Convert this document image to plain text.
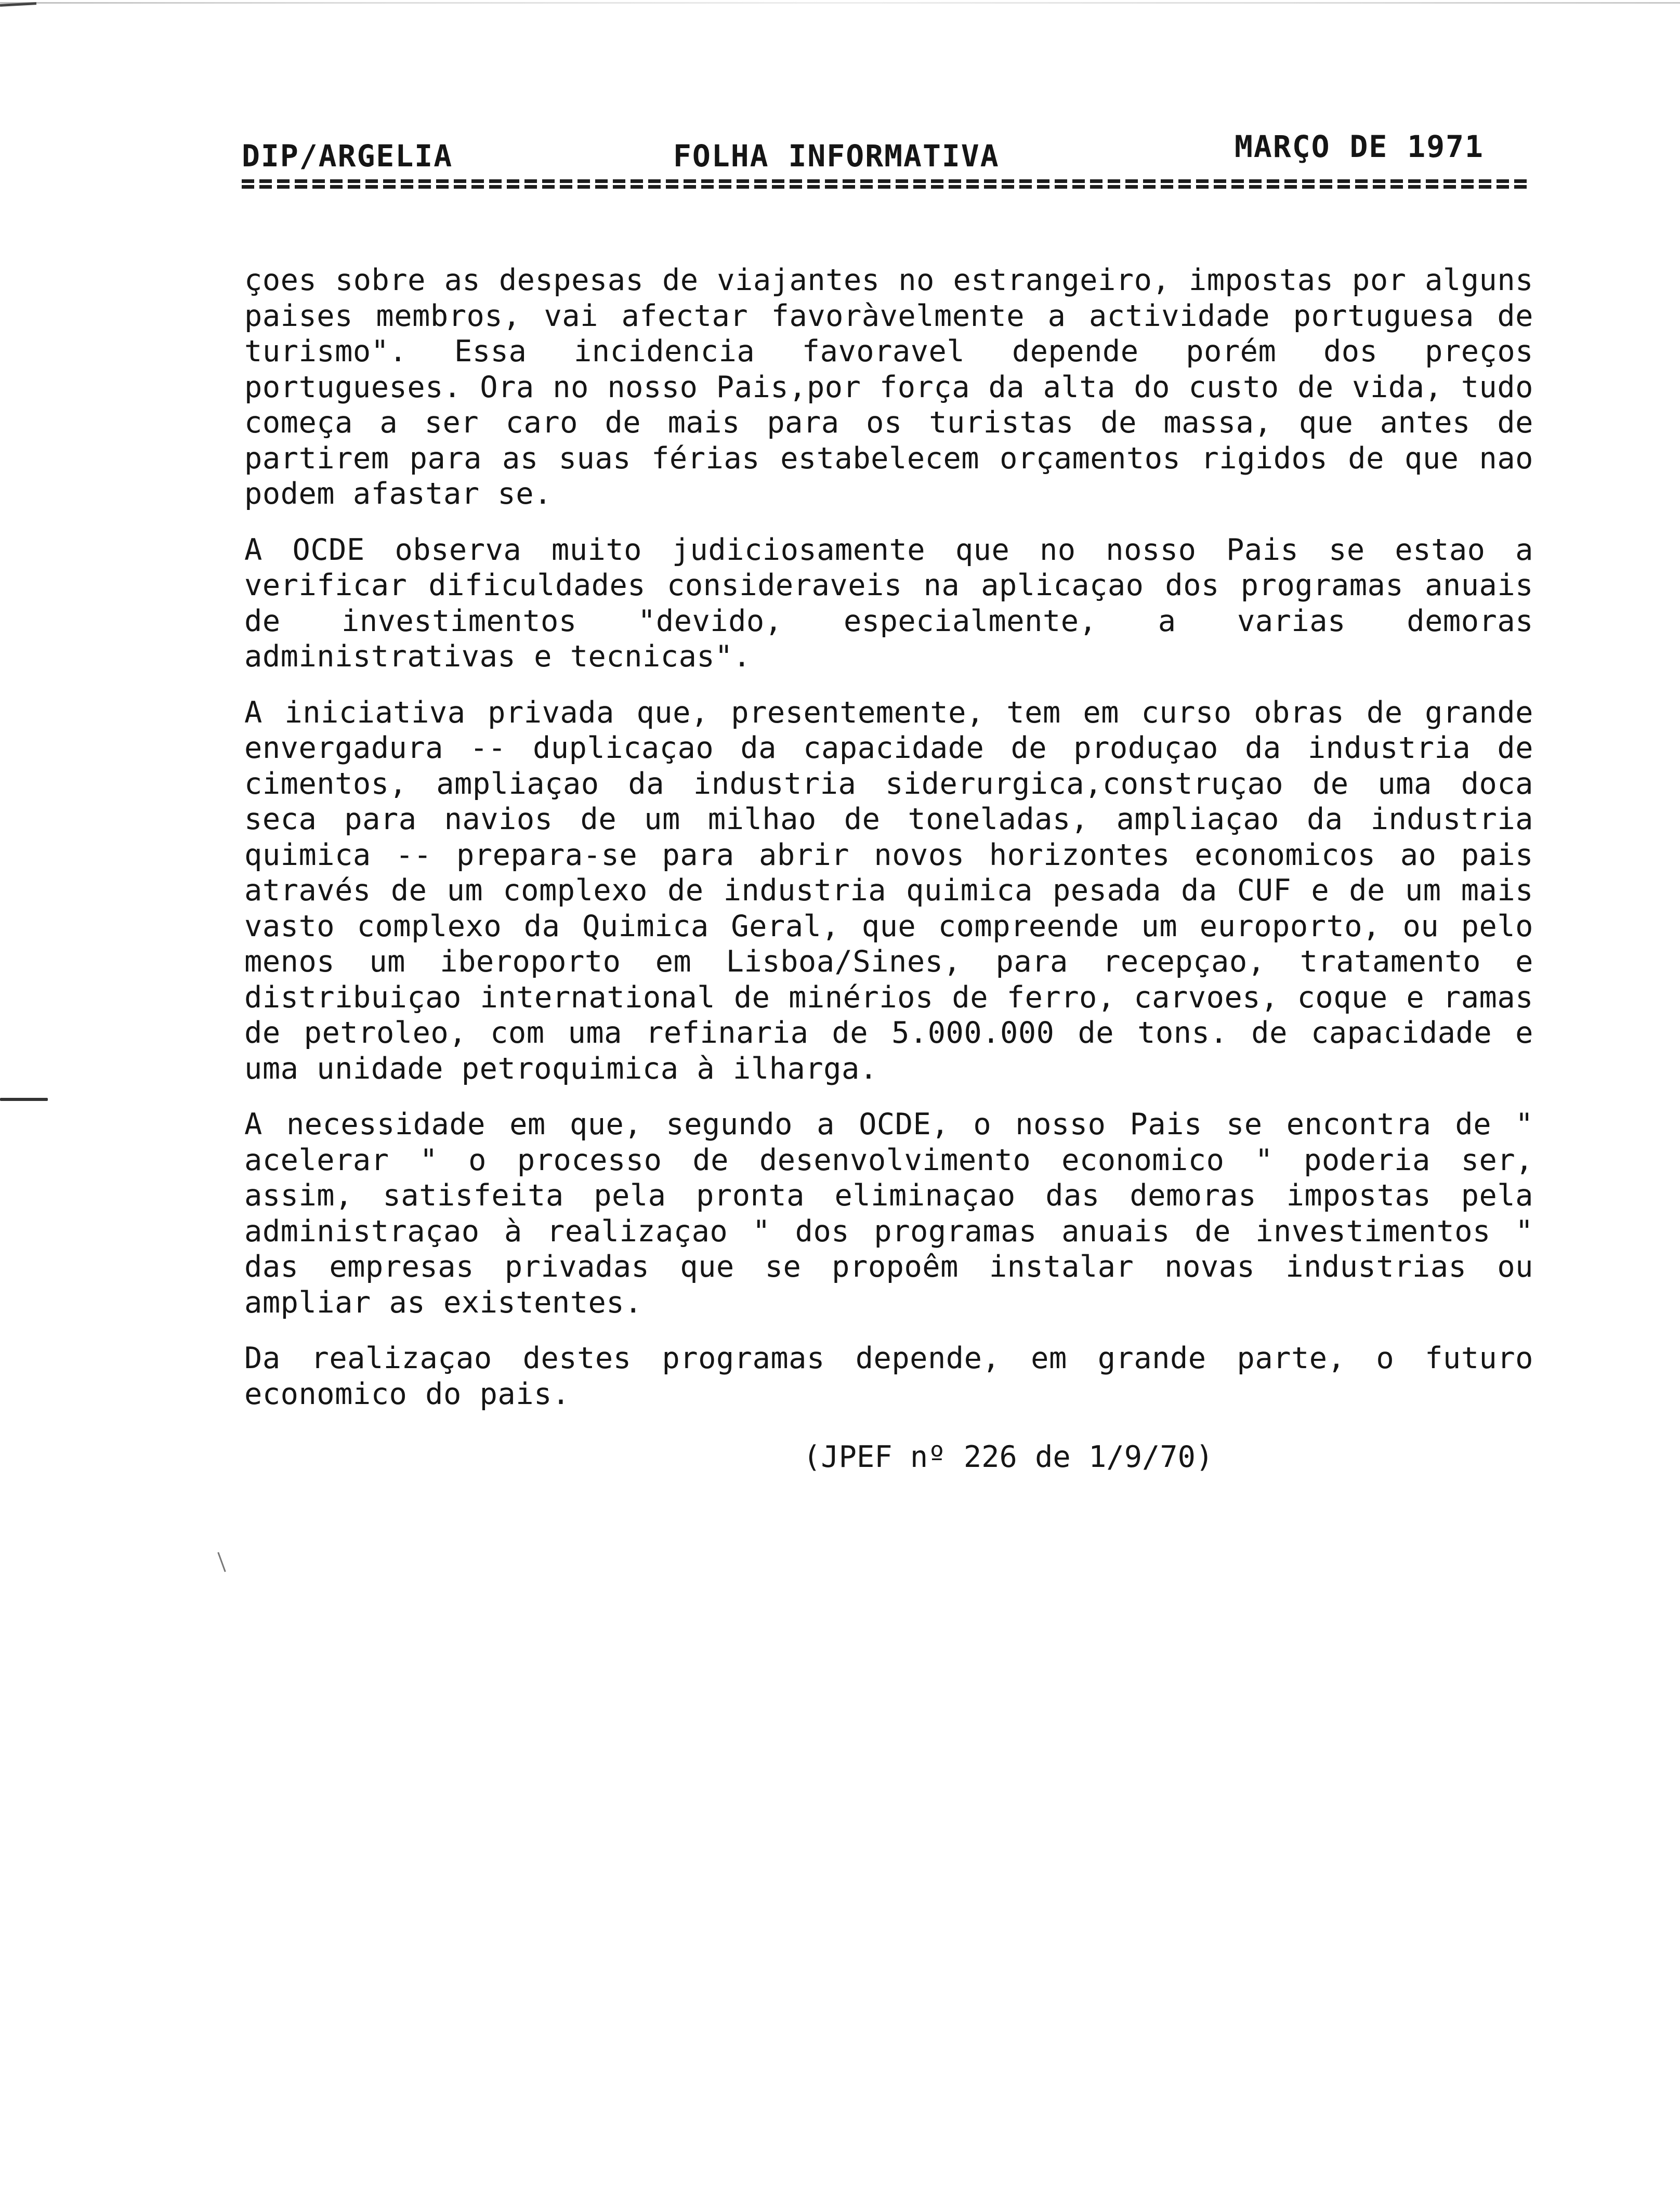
DIP/ARGELIA	FOLHA INFORMATIVA	MARÇO DE 1971

çoes sobre as despesas de viajantes no estrangeiro, impostas por alguns paises membros, vai afectar favoràvelmente a actividade portuguesa de turismo". Essa incidencia favoravel depende porém dos preços portugueses. Ora no nosso Pais,por força da alta do custo de vida, tudo começa a ser caro de mais para os turistas de massa, que antes de partirem para as suas férias estabelecem orçamentos rigidos de que nao podem afastar se.

A OCDE observa muito judiciosamente que no nosso Pais se estao a verificar dificuldades consideraveis na aplicaçao dos programas anuais de investimentos "devido, especialmente, a varias demoras administrativas e tecnicas".

A iniciativa privada que, presentemente, tem em curso obras de grande envergadura -- duplicaçao da capacidade de produçao da industria de cimentos, ampliaçao da industria siderurgica,construçao de uma doca seca para navios de um milhao de toneladas, ampliaçao da industria quimica -- prepara-se para abrir novos horizontes economicos ao pais através de um complexo de industria quimica pesada da CUF e de um mais vasto complexo da Quimica Geral, que compreende um europorto, ou pelo menos um iberoporto em Lisboa/Sines, para recepçao, tratamento e distribuiçao international de minérios de ferro, carvoes, coque e ramas de petroleo, com uma refinaria de 5.000.000 de tons. de capacidade e uma unidade petroquimica à ilharga.

A necessidade em que, segundo a OCDE, o nosso Pais se encontra de " acelerar " o processo de desenvolvimento economico " poderia ser, assim, satisfeita pela pronta eliminaçao das demoras impostas pela administraçao à realizaçao " dos programas anuais de investimentos " das empresas privadas que se propoêm instalar novas industrias ou ampliar as existentes.

Da realizaçao destes programas depende, em grande parte, o futuro economico do pais.

(JPEF nº 226 de 1/9/70)
